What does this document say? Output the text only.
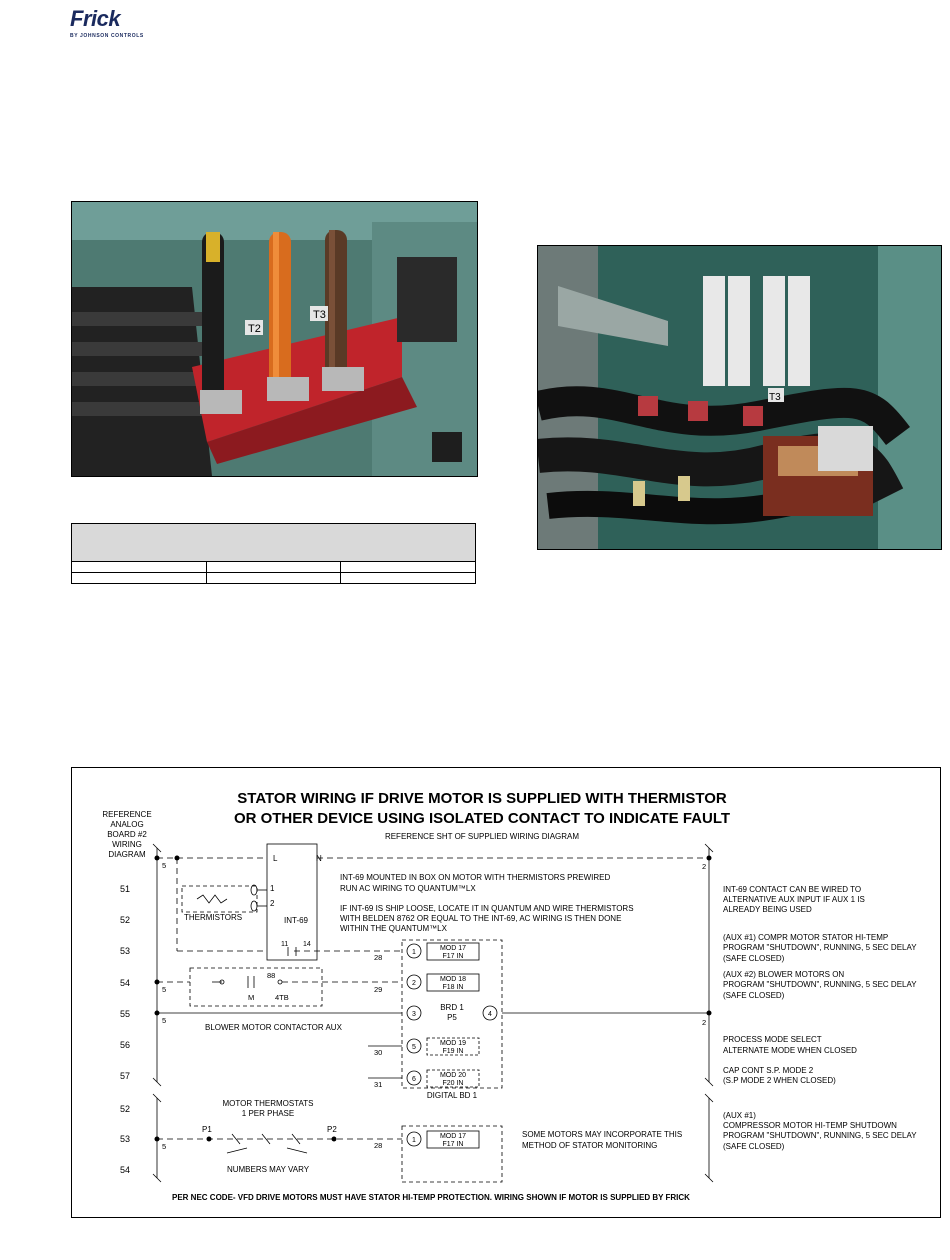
Frick
BY JOHNSON CONTROLS
T2
T3
T3

STATOR WIRING IF DRIVE MOTOR IS SUPPLIED WITH THERMISTOR
OR OTHER DEVICE USING ISOLATED CONTACT TO INDICATE FAULT
REFERENCE
ANALOG
BOARD #2
WIRING
DIAGRAM
REFERENCE SHT OF SUPPLIED WIRING DIAGRAM
51
52
53
54
55
56
57
52
53
54
L	N
1
2
INT-69
11 14
THERMISTORS
INT-69 MOUNTED IN BOX ON MOTOR WITH THERMISTORS PREWIRED
RUN AC WIRING TO QUANTUM™LX
IF INT-69 IS SHIP LOOSE, LOCATE IT IN QUANTUM AND WIRE THERMISTORS
WITH BELDEN 8762 OR EQUAL TO THE INT-69, AC WIRING IS THEN DONE
WITHIN THE QUANTUM™LX
5
5
5
5
2
2
28
29
30
31
28
88
M	4TB
BLOWER MOTOR CONTACTOR AUX
1
2
5
6
3	4
MOD 17
F17 IN
MOD 18
F18 IN
MOD 19
F19 IN
MOD 20
F20 IN
BRD 1
P5
DIGITAL BD 1
INT-69 CONTACT CAN BE WIRED TO
ALTERNATIVE AUX INPUT IF AUX 1 IS
ALREADY BEING USED
(AUX #1) COMPR MOTOR STATOR HI-TEMP
PROGRAM "SHUTDOWN", RUNNING, 5 SEC DELAY
(SAFE CLOSED)
(AUX #2) BLOWER MOTORS ON
PROGRAM "SHUTDOWN", RUNNING, 5 SEC DELAY
(SAFE CLOSED)
PROCESS MODE SELECT
ALTERNATE MODE WHEN CLOSED
CAP CONT S.P. MODE 2
(S.P MODE 2 WHEN CLOSED)
(AUX #1)
COMPRESSOR MOTOR HI-TEMP SHUTDOWN
PROGRAM "SHUTDOWN", RUNNING, 5 SEC DELAY
(SAFE CLOSED)
MOTOR THERMOSTATS
1 PER PHASE
P1	P2
NUMBERS MAY VARY
1
MOD 17
F17 IN
SOME MOTORS MAY INCORPORATE THIS
METHOD OF STATOR MONITORING
PER NEC CODE- VFD DRIVE MOTORS MUST HAVE STATOR HI-TEMP PROTECTION. WIRING SHOWN IF MOTOR IS SUPPLIED BY FRICK
